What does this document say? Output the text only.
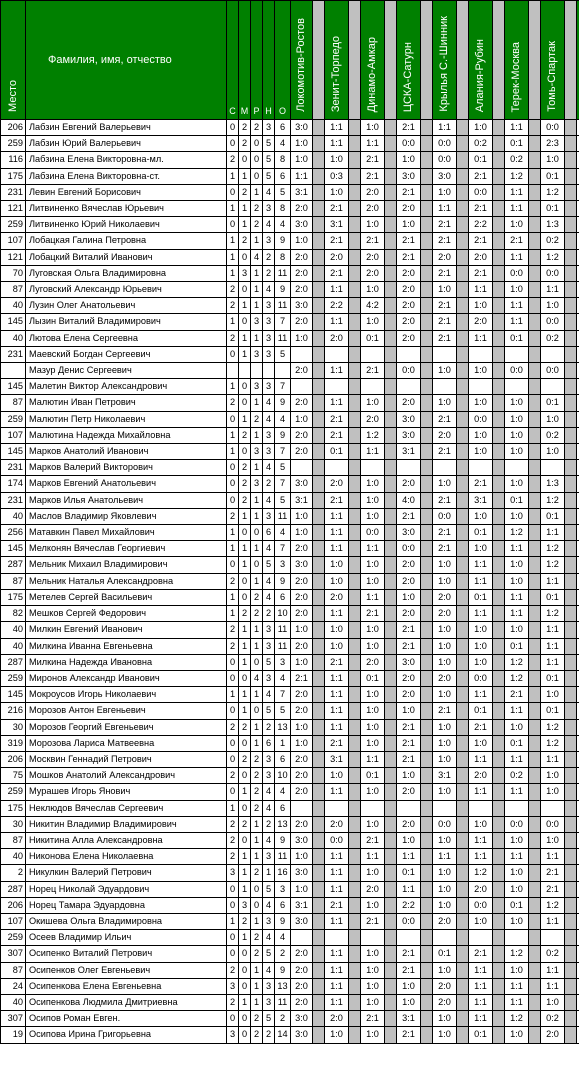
Место	Фамилия, имя, отчество	С	М	Р	Н	О	Локомотив-Ростов		Зенит-Торпедо		Динамо-Амкар		ЦСКА-Сатурн		Крылья С.-Шинник		Алания-Рубин		Терек-Москва		Томь-Спартак		
206	Лабзин Евгений Валерьевич	0	2	2	3	6	3:0		1:1		1:0		2:1		1:1		1:0		1:1		0:0		
259	Лабзин Юрий Валерьевич	0	2	0	5	4	1:0		1:1		1:1		0:0		0:0		0:2		0:1		2:3		
116	Лабзина Елена Викторовна-мл.	2	0	0	5	8	1:0		1:0		2:1		1:0		0:0		0:1		0:2		1:0		
175	Лабзина Елена Викторовна-ст.	1	1	0	5	6	1:1		0:3		2:1		3:0		3:0		2:1		1:2		0:1		
231	Левин Евгений Борисович	0	2	1	4	5	3:1		1:0		2:0		2:1		1:0		0:0		1:1		1:2		
121	Литвиненко Вячеслав Юрьевич	1	1	2	3	8	2:0		2:1		2:0		2:0		1:1		2:1		1:1		0:1		
259	Литвиненко Юрий Николаевич	0	1	2	4	4	3:0		3:1		1:0		1:0		2:1		2:2		1:0		1:3		
107	Лобацкая Галина Петровна	1	2	1	3	9	1:0		2:1		2:1		2:1		2:1		2:1		2:1		0:2		
121	Лобацкий Виталий Иванович	1	0	4	2	8	2:0		2:0		2:0		2:1		2:0		2:0		1:1		1:2		
70	Луговская Ольга Владимировна	1	3	1	2	11	2:0		2:1		2:0		2:0		2:1		2:1		0:0		0:0		
87	Луговский Александр Юрьевич	2	0	1	4	9	2:0		1:1		1:0		2:0		1:0		1:1		1:0		1:1		
40	Лузин Олег Анатольевич	2	1	1	3	11	3:0		2:2		4:2		2:0		2:1		1:0		1:1		1:0		
145	Лызин Виталий Владимирович	1	0	3	3	7	2:0		1:1		1:0		2:0		2:1		2:0		1:1		0:0		
40	Лютова Елена Сергеевна	2	1	1	3	11	1:0		2:0		0:1		2:0		2:1		1:1		0:1		0:2		
231	Маевский Богдан Сергеевич	0	1	3	3	5																	
	Мазур Денис Сергеевич						2:0		1:1		2:1		0:0		1:0		1:0		0:0		0:0		
145	Малетин Виктор Александрович	1	0	3	3	7																	
87	Малютин Иван Петрович	2	0	1	4	9	2:0		1:1		1:0		2:0		1:0		1:0		1:0		0:1		
259	Малютин Петр Николаевич	0	1	2	4	4	1:0		2:1		2:0		3:0		2:1		0:0		1:0		1:0		
107	Малютина Надежда Михайловна	1	2	1	3	9	2:0		2:1		1:2		3:0		2:0		1:0		1:0		0:2		
145	Марков Анатолий Иванович	1	0	3	3	7	2:0		0:1		1:1		3:1		2:1		1:0		1:0		1:0		
231	Марков Валерий Викторович	0	2	1	4	5																	
174	Марков Евгений Анатольевич	0	2	3	2	7	3:0		2:0		1:0		2:0		1:0		2:1		1:0		1:3		
231	Марков Илья Анатольевич	0	2	1	4	5	3:1		2:1		1:0		4:0		2:1		3:1		0:1		1:2		
40	Маслов Владимир Яковлевич	2	1	1	3	11	1:0		1:1		1:0		2:1		0:0		1:0		1:0		0:1		
256	Матавкин Павел Михайлович	1	0	0	6	4	1:0		1:1		0:0		3:0		2:1		0:1		1:2		1:1		
145	Мелконян Вячеслав Георгиевич	1	1	1	4	7	2:0		1:1		1:1		0:0		2:1		1:0		1:1		1:2		
287	Мельник Михаил Владимирович	0	1	0	5	3	3:0		1:0		1:0		2:0		1:0		1:1		1:0		1:2		
87	Мельник Наталья Александровна	2	0	1	4	9	2:0		1:0		1:0		2:0		1:0		1:1		1:0		1:1		
175	Метелев Сергей Васильевич	1	0	2	4	6	2:0		2:0		1:1		1:0		2:0		0:1		1:1		0:1		
82	Мешков Сергей Федорович	1	2	2	2	10	2:0		1:1		2:1		2:0		2:0		1:1		1:1		1:2		
40	Милкин Евгений Иванович	2	1	1	3	11	1:0		1:0		1:0		2:1		1:0		1:0		1:0		1:1		
40	Милкина Иванна Евгеньевна	2	1	1	3	11	2:0		1:0		1:0		2:1		1:0		1:0		0:1		1:1		
287	Милкина Надежда Ивановна	0	1	0	5	3	1:0		2:1		2:0		3:0		1:0		1:0		1:2		1:1		
259	Миронов Александр Иванович	0	0	4	3	4	2:1		1:1		0:1		2:0		2:0		0:0		1:2		0:1		
145	Мокроусов Игорь Николаевич	1	1	1	4	7	2:0		1:1		1:0		2:0		1:0		1:1		2:1		1:0		
216	Морозов Антон Евгеньевич	0	1	0	5	5	2:0		1:1		1:0		1:0		2:1		0:1		1:1		0:1		
30	Морозов Георгий Евгеньевич	2	2	1	2	13	1:0		1:1		1:0		2:1		1:0		2:1		1:0		1:2		
319	Морозова Лариса Матвеевна	0	0	1	6	1	1:0		2:1		1:0		2:1		1:0		1:0		0:1		1:2		
206	Москвин Геннадий Петрович	0	2	2	3	6	2:0		3:1		1:1		2:1		1:0		1:1		1:1		1:1		
75	Мошков Анатолий Александрович	2	0	2	3	10	2:0		1:0		0:1		1:0		3:1		2:0		0:2		1:0		
259	Мурашев Игорь Янович	0	1	2	4	4	2:0		1:1		1:0		2:0		1:0		1:1		1:1		1:0		
175	Неклюдов Вячеслав Сергеевич	1	0	2	4	6																	
30	Никитин Владимир Владимирович	2	2	1	2	13	2:0		2:0		1:0		2:0		0:0		1:0		0:0		0:0		
87	Никитина Алла Александровна	2	0	1	4	9	3:0		0:0		2:1		1:0		1:0		1:1		1:0		1:0		
40	Никонова Елена Николаевна	2	1	1	3	11	1:0		1:1		1:1		1:1		1:1		1:1		1:1		1:1		
2	Никулкин Валерий Петрович	3	1	2	1	16	3:0		1:1		1:0		0:1		1:0		1:2		1:0		2:1		
287	Норец Николай Эдуардович	0	1	0	5	3	1:0		1:1		2:0		1:1		1:0		2:0		1:0		2:1		
206	Норец Тамара Эдуардовна	0	3	0	4	6	3:1		2:1		1:0		2:2		1:0		0:0		0:1		1:2		
107	Окишева Ольга Владимировна	1	2	1	3	9	3:0		1:1		2:1		0:0		2:0		1:0		1:0		1:1		
259	Осеев Владимир Ильич	0	1	2	4	4																	
307	Осипенко Виталий Петрович	0	0	2	5	2	2:0		1:1		1:0		2:1		0:1		2:1		1:2		0:2		
87	Осипенков Олег Евгеньевич	2	0	1	4	9	2:0		1:1		1:0		2:1		1:0		1:1		1:0		1:1		
24	Осипенкова Елена Евгеньевна	3	0	1	3	13	2:0		1:1		1:0		1:0		2:0		1:1		1:1		1:1		
40	Осипенкова Людмила Дмитриевна	2	1	1	3	11	2:0		1:1		1:0		1:0		2:0		1:1		1:1		1:0		
307	Осипов Роман Евген.	0	0	2	5	2	3:0		2:0		2:1		3:1		1:0		1:1		1:2		0:2		
19	Осипова Ирина Григорьевна	3	0	2	2	14	3:0		1:0		1:0		2:1		1:0		0:1		1:0		2:0		
